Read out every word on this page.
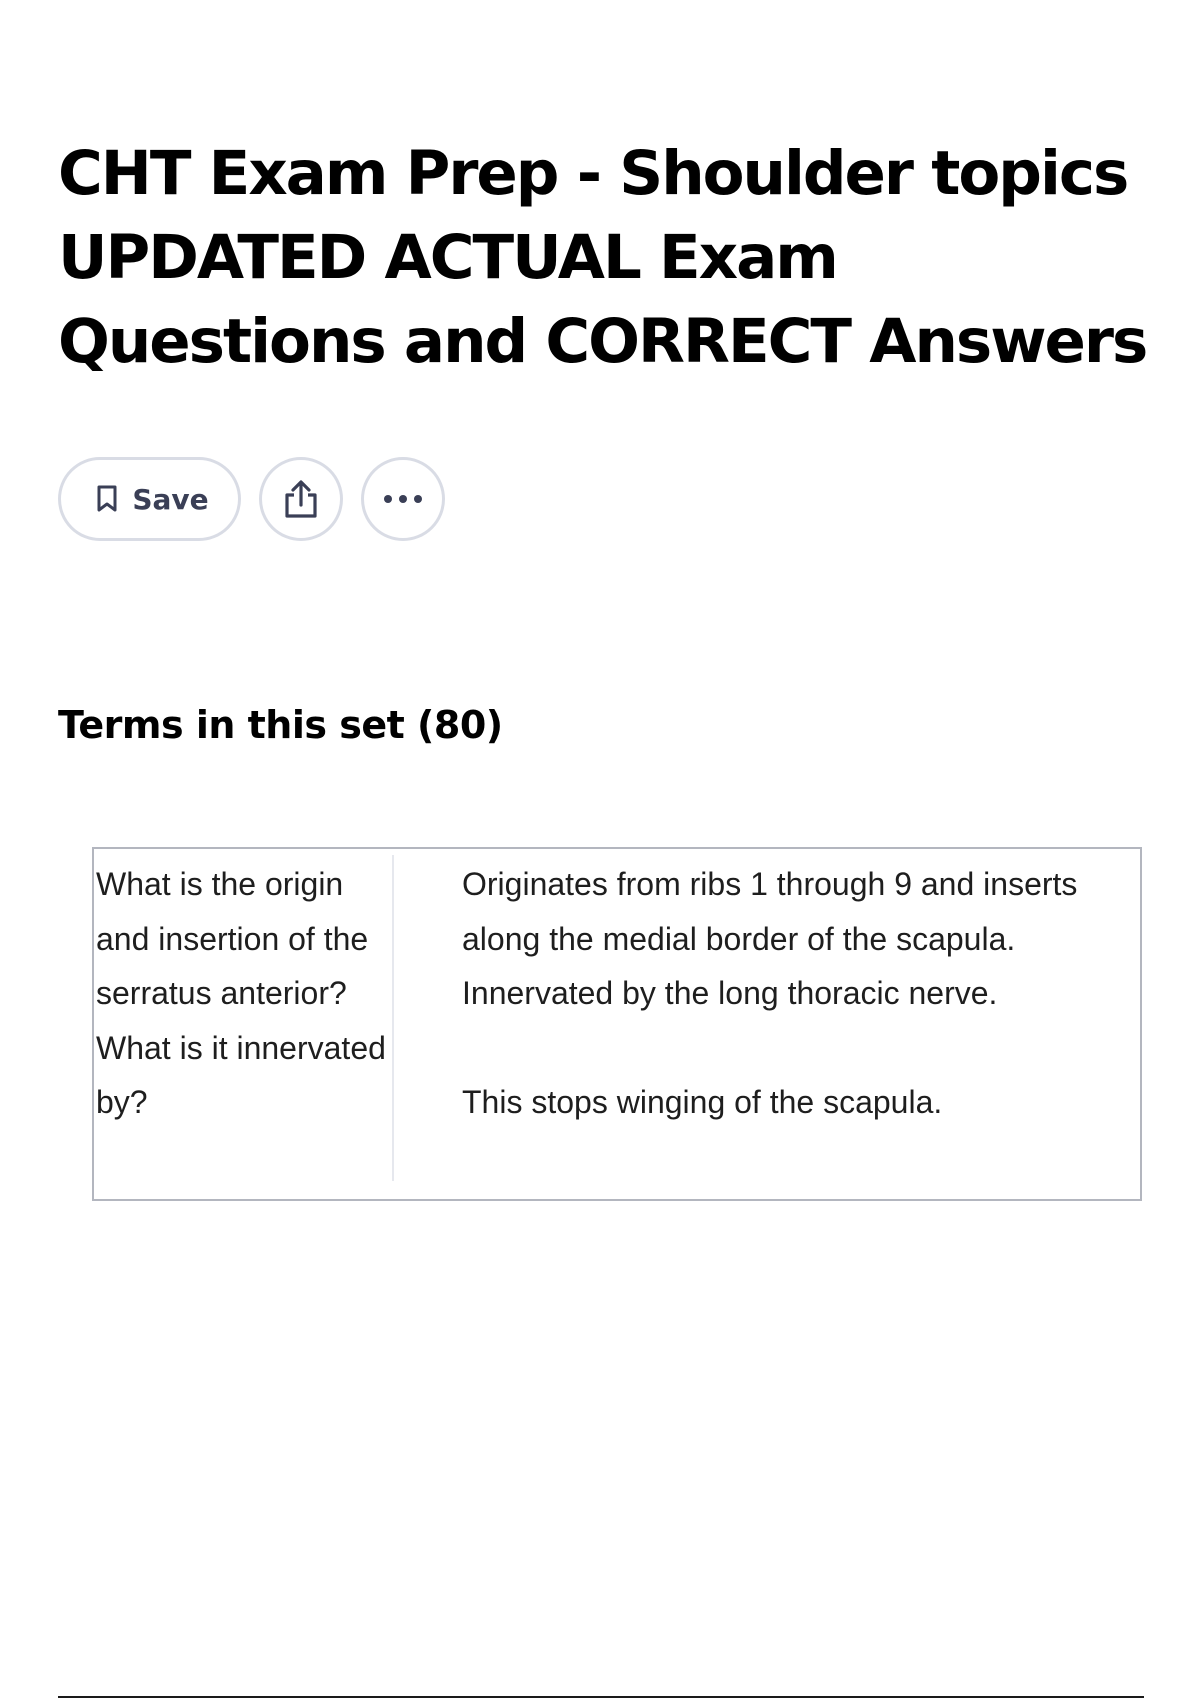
CHT Exam Prep - Shoulder topics UPDATED ACTUAL Exam Questions and CORRECT Answers
Save
Terms in this set (80)
What is the origin and insertion of the serratus anterior? What is it innervated by?
Originates from ribs 1 through 9 and inserts along the medial border of the scapula. Innervated by the long thoracic nerve.

This stops winging of the scapula.
